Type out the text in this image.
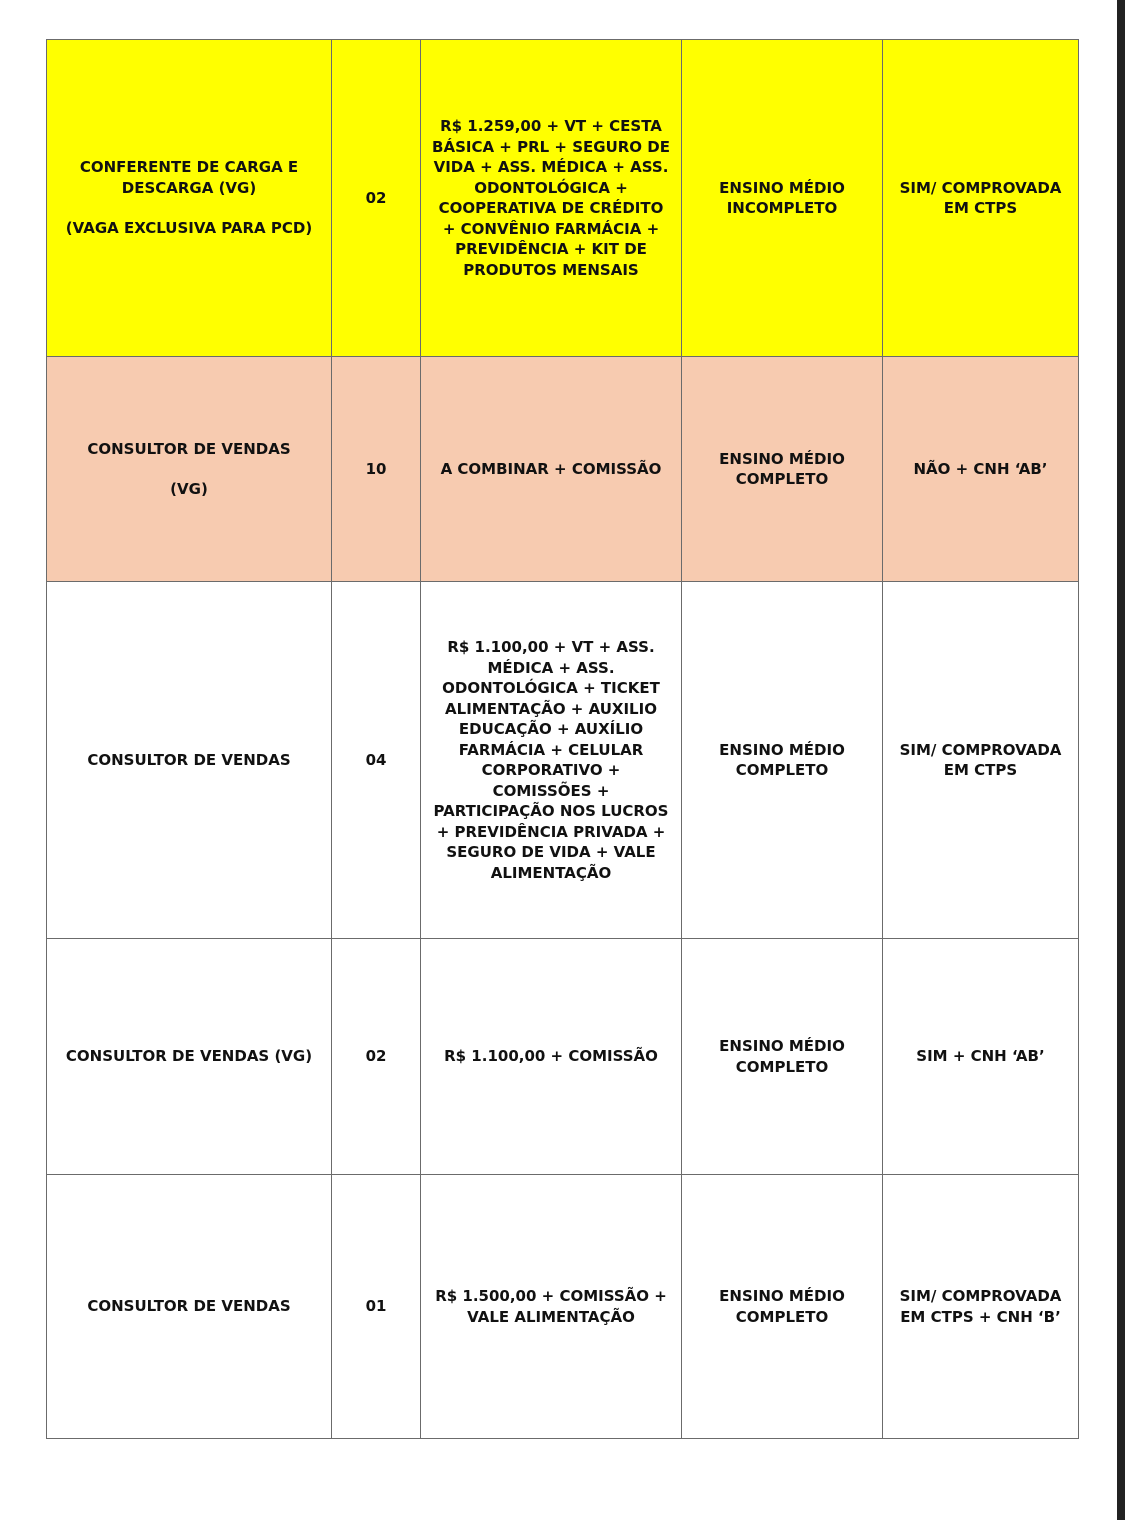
CONFERENTE DE CARGA E DESCARGA (VG)
(VAGA EXCLUSIVA PARA PCD)	02	R$ 1.259,00 + VT + CESTA BÁSICA + PRL + SEGURO DE VIDA + ASS. MÉDICA + ASS. ODONTOLÓGICA + COOPERATIVA DE CRÉDITO + CONVÊNIO FARMÁCIA + PREVIDÊNCIA + KIT DE PRODUTOS MENSAIS	ENSINO MÉDIO INCOMPLETO	SIM/ COMPROVADA EM CTPS

CONSULTOR DE VENDAS
(VG)	10	A COMBINAR + COMISSÃO	ENSINO MÉDIO COMPLETO	NÃO + CNH ‘AB’

CONSULTOR DE VENDAS	04	R$ 1.100,00 + VT + ASS. MÉDICA + ASS. ODONTOLÓGICA + TICKET ALIMENTAÇÃO + AUXILIO EDUCAÇÃO + AUXÍLIO FARMÁCIA + CELULAR CORPORATIVO + COMISSÕES + PARTICIPAÇÃO NOS LUCROS + PREVIDÊNCIA PRIVADA + SEGURO DE VIDA + VALE ALIMENTAÇÃO	ENSINO MÉDIO COMPLETO	SIM/ COMPROVADA EM CTPS

CONSULTOR DE VENDAS (VG)	02	R$ 1.100,00 + COMISSÃO	ENSINO MÉDIO COMPLETO	SIM + CNH ‘AB’

CONSULTOR DE VENDAS	01	R$ 1.500,00 + COMISSÃO + VALE ALIMENTAÇÃO	ENSINO MÉDIO COMPLETO	SIM/ COMPROVADA EM CTPS + CNH ‘B’
